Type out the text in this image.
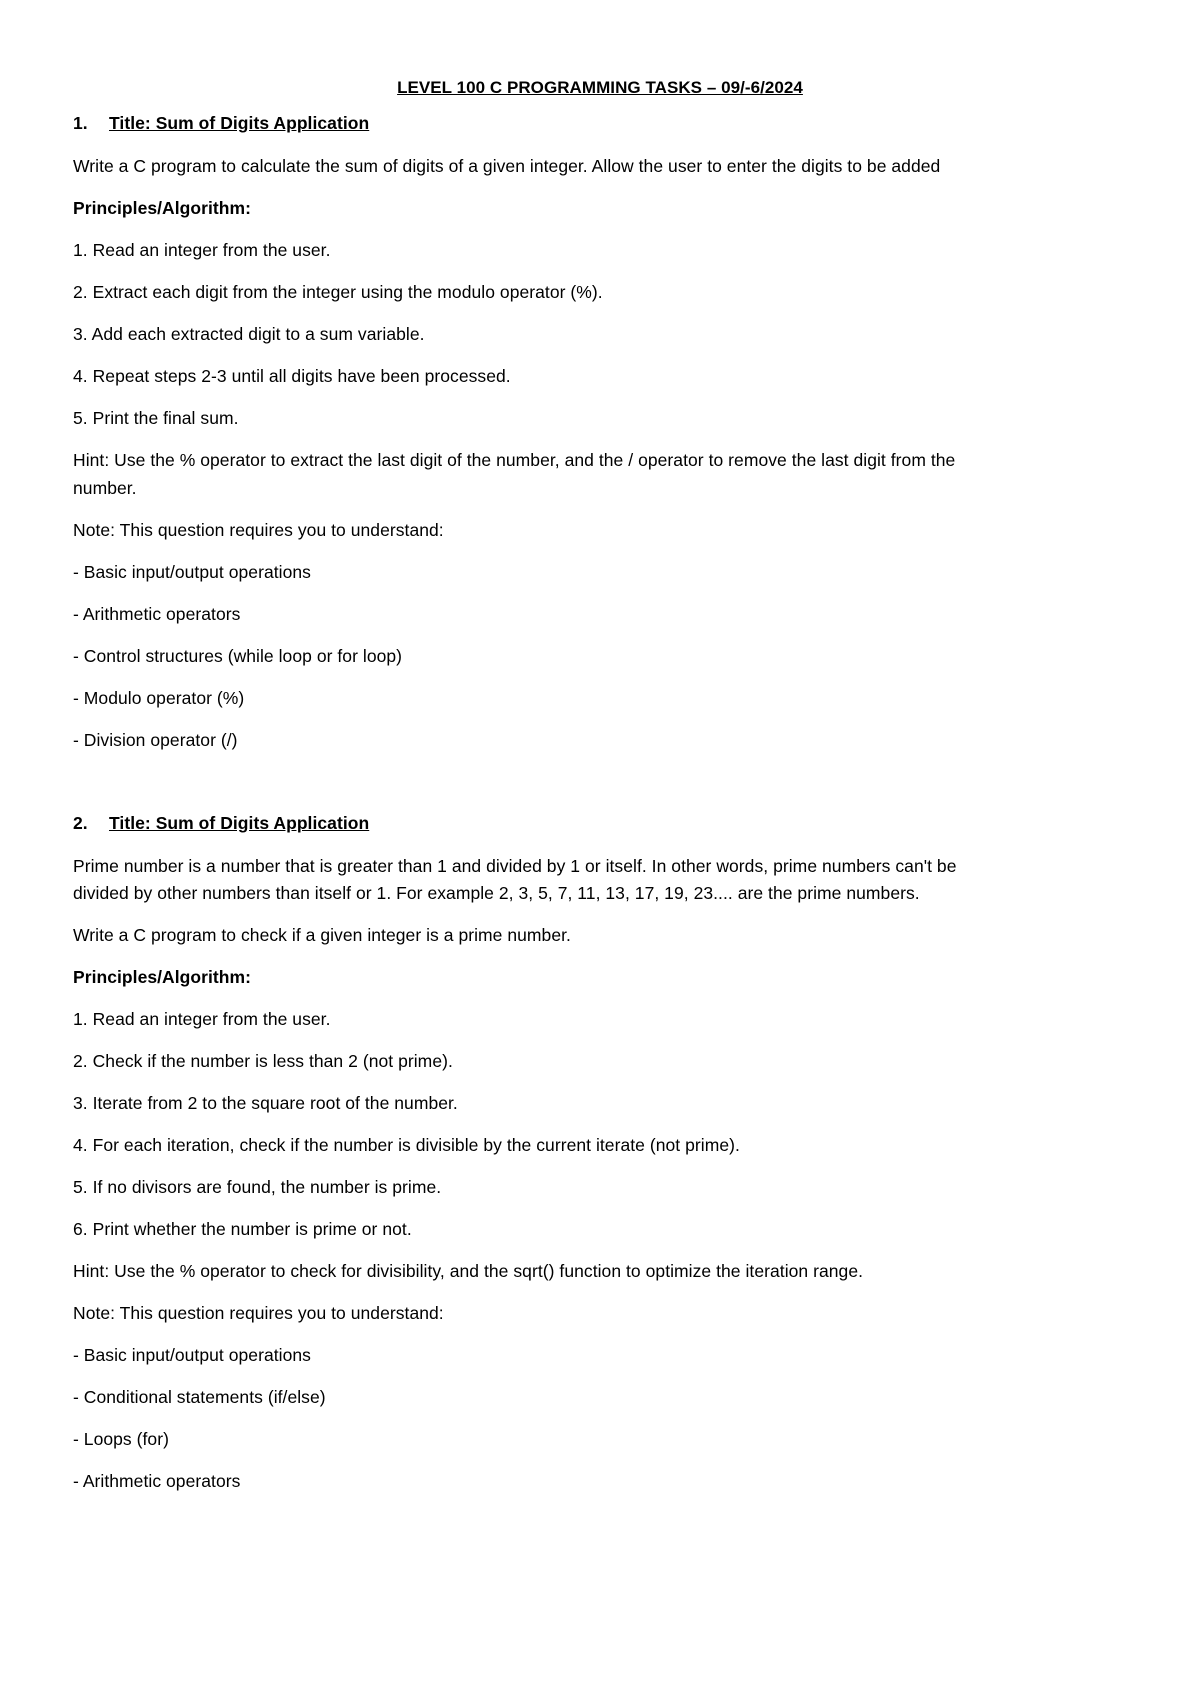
LEVEL 100 C PROGRAMMING TASKS – 09/-6/2024
1. Title: Sum of Digits Application
Write a C program to calculate the sum of digits of a given integer. Allow the user to enter the digits to be added
Principles/Algorithm:
1. Read an integer from the user.
2. Extract each digit from the integer using the modulo operator (%).
3. Add each extracted digit to a sum variable.
4. Repeat steps 2-3 until all digits have been processed.
5. Print the final sum.
Hint: Use the % operator to extract the last digit of the number, and the / operator to remove the last digit from the
number.
Note: This question requires you to understand:
- Basic input/output operations
- Arithmetic operators
- Control structures (while loop or for loop)
- Modulo operator (%)
- Division operator (/)
2. Title: Sum of Digits Application
Prime number is a number that is greater than 1 and divided by 1 or itself. In other words, prime numbers can't be
divided by other numbers than itself or 1. For example 2, 3, 5, 7, 11, 13, 17, 19, 23.... are the prime numbers.
Write a C program to check if a given integer is a prime number.
Principles/Algorithm:
1. Read an integer from the user.
2. Check if the number is less than 2 (not prime).
3. Iterate from 2 to the square root of the number.
4. For each iteration, check if the number is divisible by the current iterate (not prime).
5. If no divisors are found, the number is prime.
6. Print whether the number is prime or not.
Hint: Use the % operator to check for divisibility, and the sqrt() function to optimize the iteration range.
Note: This question requires you to understand:
- Basic input/output operations
- Conditional statements (if/else)
- Loops (for)
- Arithmetic operators
